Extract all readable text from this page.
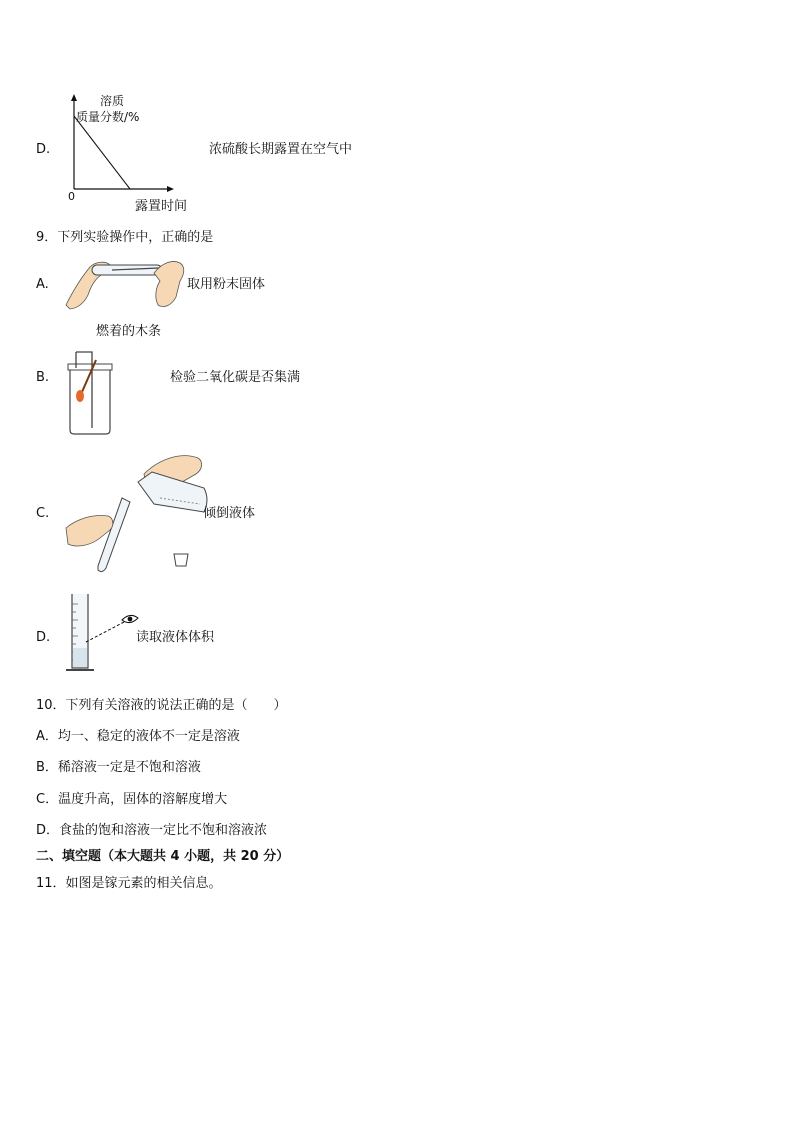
D.
溶质
质量分数/%
0
露置时间
浓硫酸长期露置在空气中
9．下列实验操作中，正确的是
A.	取用粉末固体
燃着的木条
B.	检验二氧化碳是否集满
C.	倾倒液体
D.	读取液体体积
10．下列有关溶液的说法正确的是（　　）
A．均一、稳定的液体不一定是溶液
B．稀溶液一定是不饱和溶液
C．温度升高，固体的溶解度增大
D．食盐的饱和溶液一定比不饱和溶液浓
二、填空题（本大题共 4 小题，共 20 分）
11．如图是镓元素的相关信息。
